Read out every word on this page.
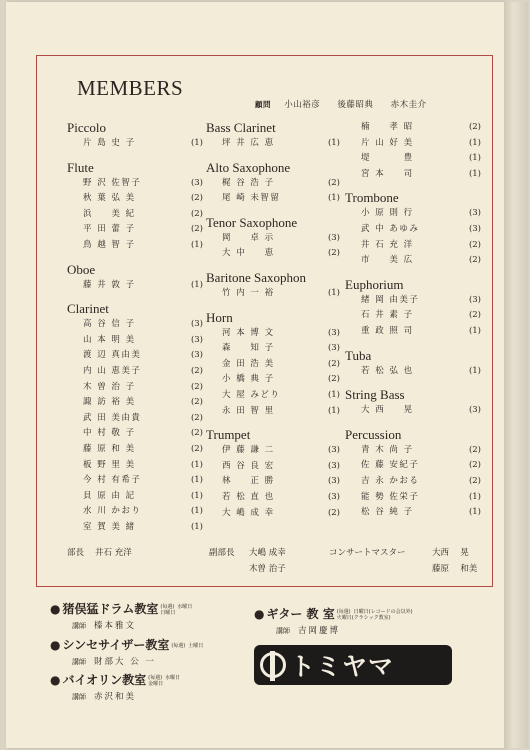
MEMBERS
顧問 小山裕彦 後藤昭典 赤木圭介
Piccolo
片 島 史 子	(1)
Flute
野 沢 佐智子	(3)
秋 葉 弘 美	(2)
浜 　 美 紀	(2)
平 田 蕾 子	(2)
鳥 越 智 子	(1)
Oboe
藤 井 敦 子	(1)
Clarinet
高 谷 信 子	(3)
山 本 明 美	(3)
渡 辺 真由美	(3)
内 山 恵美子	(2)
木 曽 治 子	(2)
諏 訪 裕 美	(2)
武 田 美由貴	(2)
中 村 敬 子	(2)
藤 原 和 美	(2)
板 野 里 美	(1)
今 村 有希子	(1)
貝 原 由 記	(1)
水 川 かおり	(1)
室 賀 美 緒	(1)
Bass Clarinet
坪 井 広 恵	(1)
Alto Saxophone
梶 谷 浩 子	(2)
尾 崎 未智留	(1)
Tenor Saxophone
岡 　 卓 示	(3)
大 中 　 恵	(2)
Baritone Saxophon
竹 内 一 裕	(1)
Horn
河 本 博 文	(3)
森 　 知 子	(3)
金 田 浩 美	(2)
小 橋 典 子	(2)
大 屋 みどり	(1)
永 田 智 里	(1)
Trumpet
伊 藤 謙 二	(3)
西 谷 良 宏	(3)
林 　 正 勝	(3)
若 松 直 也	(3)
大 嶋 成 幸	(2)
楠 　 孝 昭	(2)
片 山 好 美	(1)
堤 　 　 豊	(1)
宮 本 　 司	(1)
Trombone
小 原 則 行	(3)
武 中 あゆみ	(3)
井 石 充 洋	(2)
市 　 美 広	(2)
Euphorium
緒 岡 由美子	(3)
石 井 素 子	(2)
重 政 照 司	(1)
Tuba
若 松 弘 也	(1)
String Bass
大 西 　 晃	(3)
Percussion
青 木 尚 子	(2)
佐 藤 安紀子	(2)
吉 永 かおる	(2)
能 勢 佐栄子	(1)
松 谷 純 子	(1)
部長 井石 充洋	副部長 大嶋 成幸	コンサートマスター	大西 　晃
木曽 治子	藤原 　和美
● 猪俣猛ドラム教室 (毎週) 水曜日
日曜日
講師 榛本雅文
● シンセサイザー教室 (毎週) 土曜日
講師 財部大 公 一
● バイオリン教室 (毎週) 水曜日
金曜日
講師 赤沢和美
● ギター 教 室 (毎週) 日曜日(レコードの会以外)
火曜日(クラシック教室)
講師 吉岡慶博
トミヤマ
